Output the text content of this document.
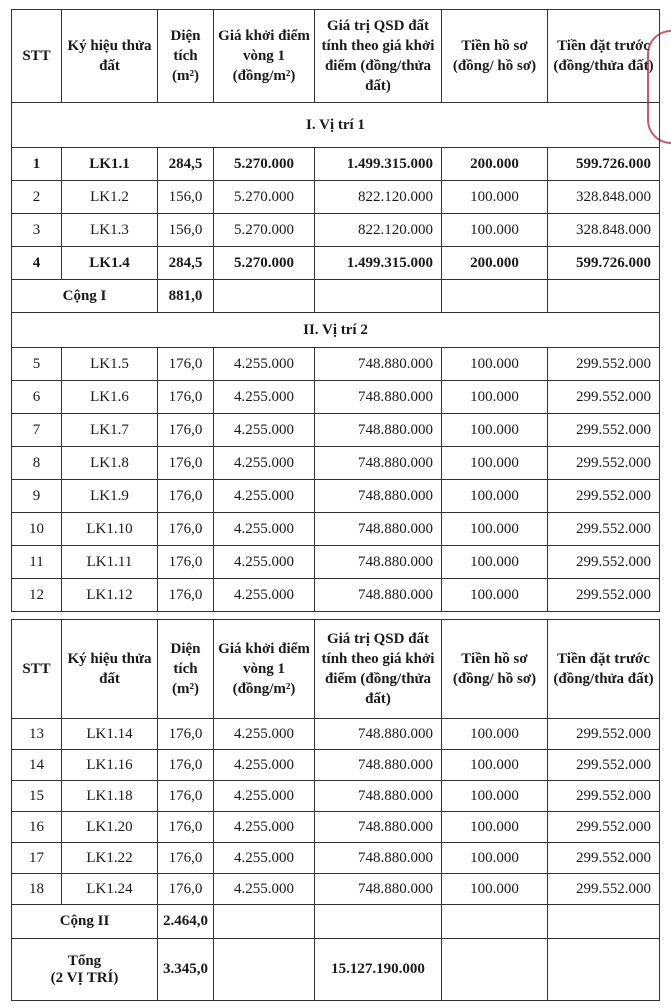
STT	Ký hiệu thửa đất	Diện tích (m²)	Giá khởi điểm vòng 1 (đồng/m²)	Giá trị QSD đất tính theo giá khởi điểm (đồng/thửa đất)	Tiền hồ sơ (đồng/ hồ sơ)	Tiền đặt trước (đồng/thửa đất)
I. Vị trí 1						
1	LK1.1	284,5	5.270.000	1.499.315.000	200.000	599.726.000
2	LK1.2	156,0	5.270.000	822.120.000	100.000	328.848.000
3	LK1.3	156,0	5.270.000	822.120.000	100.000	328.848.000
4	LK1.4	284,5	5.270.000	1.499.315.000	200.000	599.726.000
Cộng I		881,0				
II. Vị trí 2						
5	LK1.5	176,0	4.255.000	748.880.000	100.000	299.552.000
6	LK1.6	176,0	4.255.000	748.880.000	100.000	299.552.000
7	LK1.7	176,0	4.255.000	748.880.000	100.000	299.552.000
8	LK1.8	176,0	4.255.000	748.880.000	100.000	299.552.000
9	LK1.9	176,0	4.255.000	748.880.000	100.000	299.552.000
10	LK1.10	176,0	4.255.000	748.880.000	100.000	299.552.000
11	LK1.11	176,0	4.255.000	748.880.000	100.000	299.552.000
12	LK1.12	176,0	4.255.000	748.880.000	100.000	299.552.000
STT	Ký hiệu thửa đất	Diện tích (m²)	Giá khởi điểm vòng 1 (đồng/m²)	Giá trị QSD đất tính theo giá khởi điểm (đồng/thửa đất)	Tiền hồ sơ (đồng/ hồ sơ)	Tiền đặt trước (đồng/thửa đất)
13	LK1.14	176,0	4.255.000	748.880.000	100.000	299.552.000
14	LK1.16	176,0	4.255.000	748.880.000	100.000	299.552.000
15	LK1.18	176,0	4.255.000	748.880.000	100.000	299.552.000
16	LK1.20	176,0	4.255.000	748.880.000	100.000	299.552.000
17	LK1.22	176,0	4.255.000	748.880.000	100.000	299.552.000
18	LK1.24	176,0	4.255.000	748.880.000	100.000	299.552.000
Cộng II		2.464,0				

Tổng
(2 VỊ TRÍ)		3.345,0		15.127.190.000		
